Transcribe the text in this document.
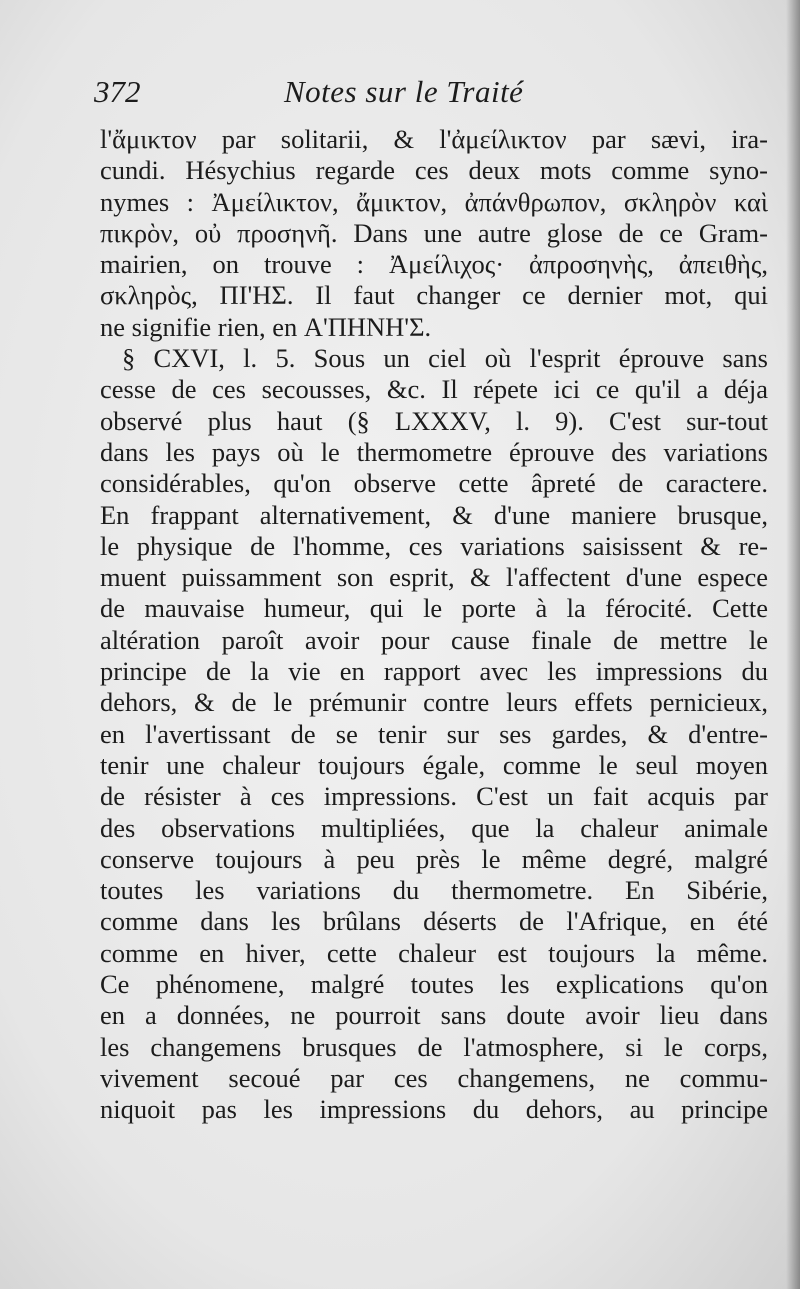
372	Notes sur le Traité
l'ἄμικτον par solitarii, & l'ἀμείλικτον par sævi, ira-
cundi. Hésychius regarde ces deux mots comme syno-
nymes : Ἀμείλικτον, ἄμικτον, ἀπάνθρωπον, σκληρὸν καὶ
πικρὸν, οὐ προσηνῆ. Dans une autre glose de ce Gram-
mairien, on trouve : Ἀμείλιχος· ἀπροσηνὴς, ἀπειθὴς,
σκληρὸς, ΠΙ'ΗΣ. Il faut changer ce dernier mot, qui
ne signifie rien, en Α'ΠΗΝΗ'Σ.
§ CXVI, l. 5. Sous un ciel où l'esprit éprouve sans
cesse de ces secousses, &c. Il répete ici ce qu'il a déja
observé plus haut (§ LXXXV, l. 9). C'est sur-tout
dans les pays où le thermometre éprouve des variations
considérables, qu'on observe cette âpreté de caractere.
En frappant alternativement, & d'une maniere brusque,
le physique de l'homme, ces variations saisissent & re-
muent puissamment son esprit, & l'affectent d'une espece
de mauvaise humeur, qui le porte à la férocité. Cette
altération paroît avoir pour cause finale de mettre le
principe de la vie en rapport avec les impressions du
dehors, & de le prémunir contre leurs effets pernicieux,
en l'avertissant de se tenir sur ses gardes, & d'entre-
tenir une chaleur toujours égale, comme le seul moyen
de résister à ces impressions. C'est un fait acquis par
des observations multipliées, que la chaleur animale
conserve toujours à peu près le même degré, malgré
toutes les variations du thermometre. En Sibérie,
comme dans les brûlans déserts de l'Afrique, en été
comme en hiver, cette chaleur est toujours la même.
Ce phénomene, malgré toutes les explications qu'on
en a données, ne pourroit sans doute avoir lieu dans
les changemens brusques de l'atmosphere, si le corps,
vivement secoué par ces changemens, ne commu-
niquoit pas les impressions du dehors, au principe
